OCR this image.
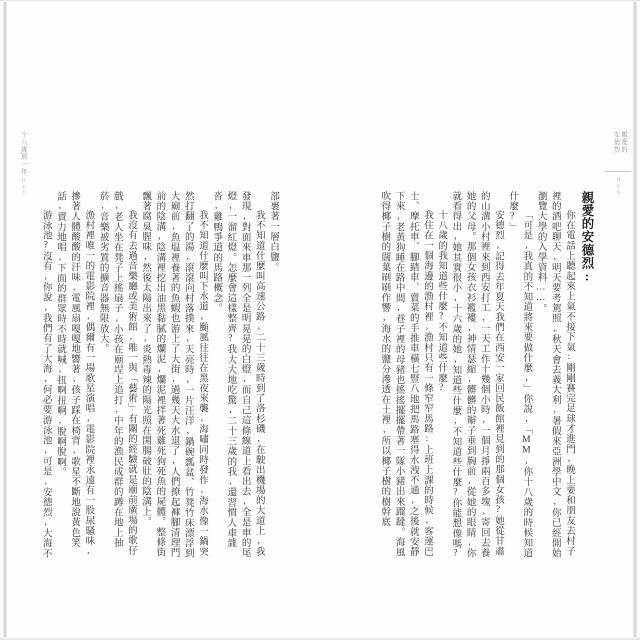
親愛的
安德烈
026
親愛的安德烈:

你在電話上聽起來上氣不接下氣:剛剛賽完足球才進門,晚上要和朋友去村子裡的酒吧聊天,明天要考駕照,秋天會去義大利,暑假來亞洲學中文,你已經開始瀏覽大學的入學資料……。

「可是,我真的不知道將來要做什麼,」你說,「MM,你十八歲的時候知道什麼?」

安德烈,記得去年夏天我們在西安一家回民飯館裡見到的那個女孩?她從甘肅的山溝小村裡來到西安打工,一天工作十幾個小時,一個月掙兩百多塊,寄回去養她的父母。那個女孩衣衫襤褸,神情瑟縮,髒髒的辮子垂到胸前,從她的眼睛,你就看得出,她其實很小,十六歲的她,知道些什麼,不知道些什麼?你能想像嗎?

十八歲的我知道些什麼?不知道些什麼?

我住在一個海邊的漁村裡,漁村只有一條窄窄馬路:上班上課的時候,客運巴士、摩托車、腳踏車、賣菜的手推車橫七豎八地把馬路塞得水洩不通,之後就安靜下來,老黃狗睡在路中間,巷子裡的母豬也搖搖擺擺帶著一隊小豬出來蹓躂。海風吹得椰子樹的闊葉刷刷作響,海水的鹽分滲透在土裡,所以椰子樹的樹幹底

部裹著一層白鹽。

我不知道什麼叫高速公路,二十三歲時到了洛杉磯,在駛出機場的大道上,我發現,對面來車那一列全是明晃晃的白燈,而自己這條線道上看出去,全是車的尾燈,一溜紅燈。怎麼會這樣整齊?我大大地吃驚,二十三歲的我,還習慣人車雜沓,雞鴨爭道的馬路概念。

我不知道什麼叫下水道,颱風往往在黑夜來襲,海嘯同時發作,海水像一鍋突然打翻了的湯,滾滾向村落撲來,天亮時,一片汪洋,鍋碗瓢盆、竹凳竹床漂浮到大廟前,魚塭裡養著的魚蝦也游上了大街,過幾天大水退了,人們撩起褲腳清理門前的陰溝,陰溝裡挖出油黑黏膩的爛泥,爛泥裡拌著死雞死狗死魚的屍體。整條街飄著腐臭腥味,然後太陽出來了,炎熱毒辣的陽光照在開腸破肚的陰溝上。

我沒有去過音樂廳或美術館,唯一與「藝術」有關的經驗就是廟前廣場的歌仔戲,老人坐在凳子上搖扇子,小孩在廟埕上追打,中年的漁民成群的蹲在地上抽菸,音樂被劣質的擴音器無限放大。

漁村裡唯一的電影院裡,偶爾有一場歌星演唱,電影院裡永遠有一股尿騷味,摻著人體酸酸的汗味,電風扇嘎嘎地響著,孩子踩在椅背,歌星不斷地說黃色笑話,賣力地唱,下面的群眾時不時就喊,扭啊扭啊,脫啊脫啊。

游泳池?沒有,你說,我們有了大海,何必要游泳池,可是,安德烈,大海不

十八歲那一年
027
